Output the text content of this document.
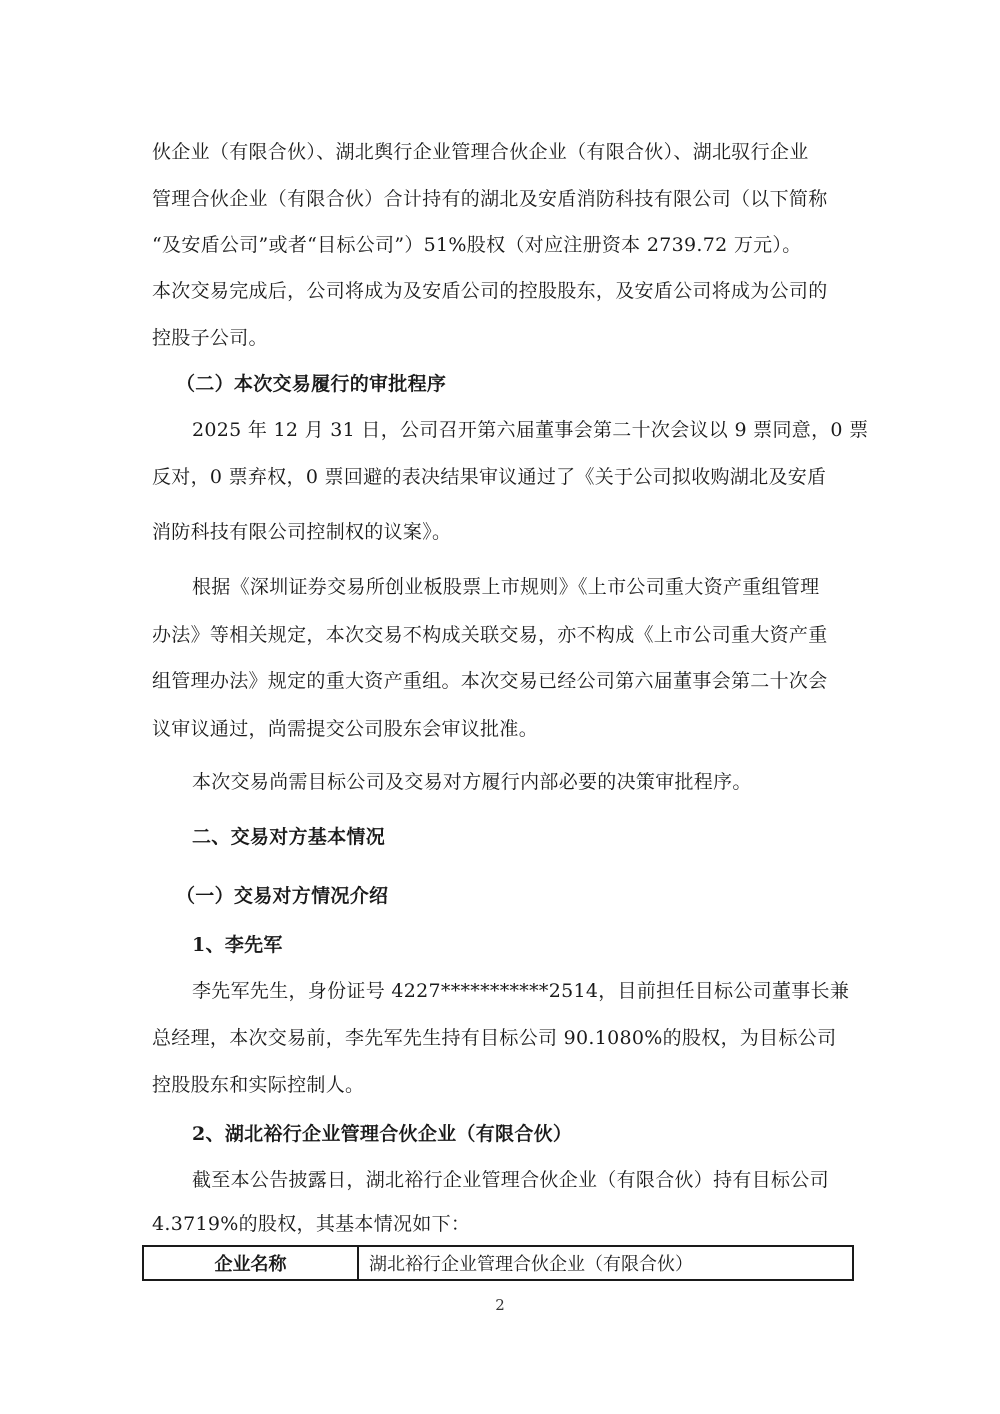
伙企业（有限合伙）、湖北舆行企业管理合伙企业（有限合伙）、湖北驭行企业
管理合伙企业（有限合伙）合计持有的湖北及安盾消防科技有限公司（以下简称
“及安盾公司”或者“目标公司”）51%股权（对应注册资本 2739.72 万元）。
本次交易完成后，公司将成为及安盾公司的控股股东，及安盾公司将成为公司的
控股子公司。
（二）本次交易履行的审批程序
2025 年 12 月 31 日，公司召开第六届董事会第二十次会议以 9 票同意，0 票
反对，0 票弃权，0 票回避的表决结果审议通过了《关于公司拟收购湖北及安盾
消防科技有限公司控制权的议案》。
根据《深圳证券交易所创业板股票上市规则》《上市公司重大资产重组管理
办法》等相关规定，本次交易不构成关联交易，亦不构成《上市公司重大资产重
组管理办法》规定的重大资产重组。本次交易已经公司第六届董事会第二十次会
议审议通过，尚需提交公司股东会审议批准。
本次交易尚需目标公司及交易对方履行内部必要的决策审批程序。
二、交易对方基本情况
（一）交易对方情况介绍
1、李先军
李先军先生，身份证号 4227***********2514，目前担任目标公司董事长兼
总经理，本次交易前，李先军先生持有目标公司 90.1080%的股权，为目标公司
控股股东和实际控制人。
2、湖北裕行企业管理合伙企业（有限合伙）
截至本公告披露日，湖北裕行企业管理合伙企业（有限合伙）持有目标公司
4.3719%的股权，其基本情况如下：
企业名称	湖北裕行企业管理合伙企业（有限合伙）
2
